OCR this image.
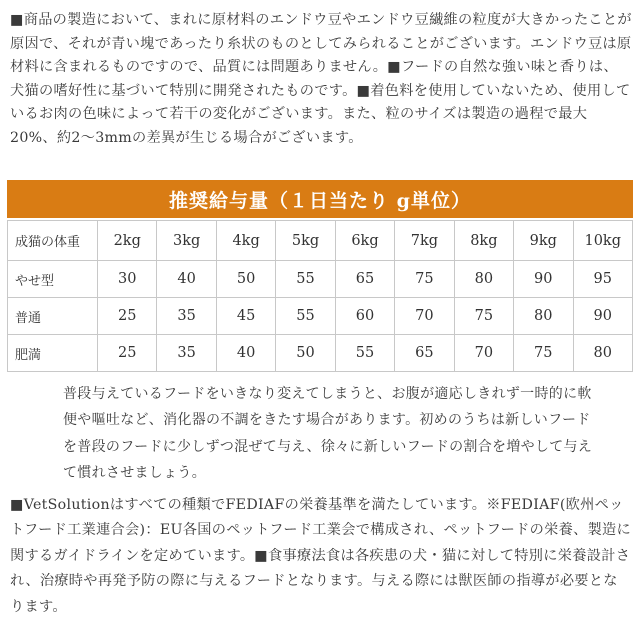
■商品の製造において、まれに原材料のエンドウ豆やエンドウ豆繊維の粒度が大きかったことが原因で、それが青い塊であったり糸状のものとしてみられることがございます。エンドウ豆は原材料に含まれるものですので、品質には問題ありません。■フードの自然な強い味と香りは、犬猫の嗜好性に基づいて特別に開発されたものです。■着色料を使用していないため、使用しているお肉の色味によって若干の変化がございます。また、粒のサイズは製造の過程で最大20%、約2〜3mmの差異が生じる場合がございます。

推奨給与量（１日当たり g単位）
成猫の体重	2kg	3kg	4kg	5kg	6kg	7kg	8kg	9kg	10kg
やせ型	30	40	50	55	65	75	80	90	95
普通	25	35	45	55	60	70	75	80	90
肥満	25	35	40	50	55	65	70	75	80

普段与えているフードをいきなり変えてしまうと、お腹が適応しきれず一時的に軟便や嘔吐など、消化器の不調をきたす場合があります。初めのうちは新しいフードを普段のフードに少しずつ混ぜて与え、徐々に新しいフードの割合を増やして与えて慣れさせましょう。

■VetSolutionはすべての種類でFEDIAFの栄養基準を満たしています。※FEDIAF(欧州ペットフード工業連合会)：EU各国のペットフード工業会で構成され、ペットフードの栄養、製造に関するガイドラインを定めています。■食事療法食は各疾患の犬・猫に対して特別に栄養設計され、治療時や再発予防の際に与えるフードとなります。与える際には獣医師の指導が必要となります。
